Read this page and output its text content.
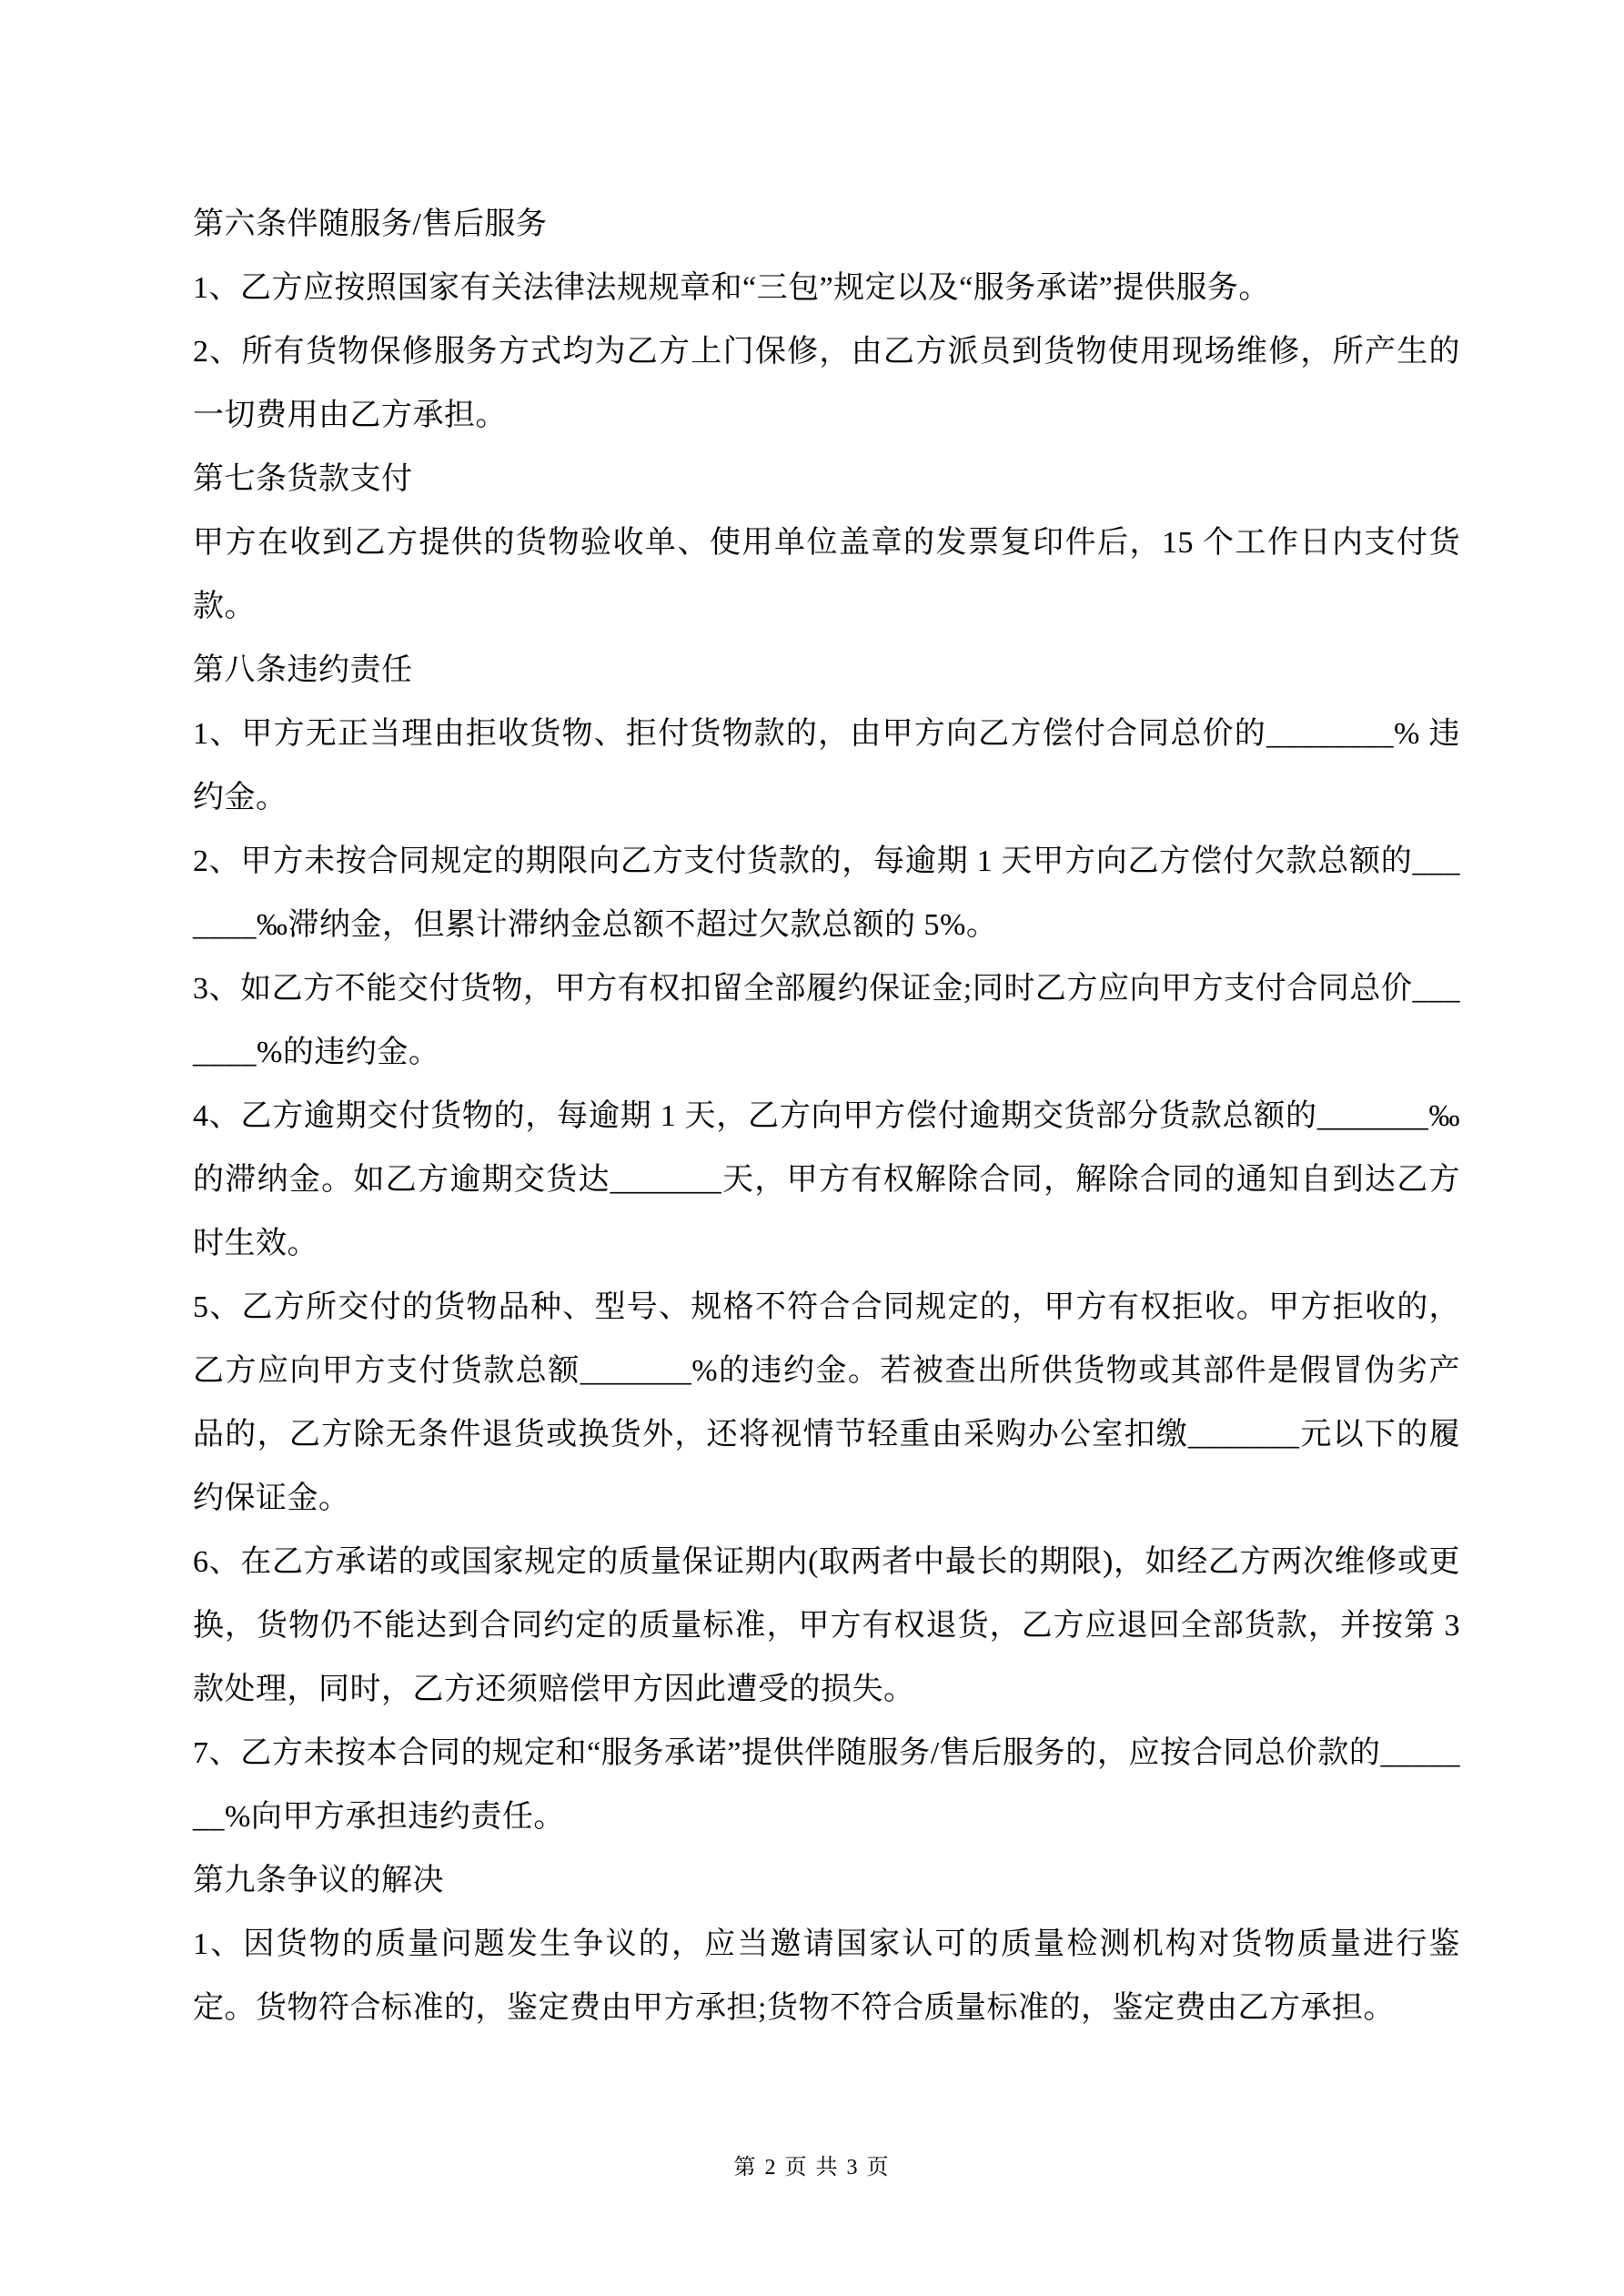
第六条伴随服务/售后服务
1、乙方应按照国家有关法律法规规章和“三包”规定以及“服务承诺”提供服务。
2、所有货物保修服务方式均为乙方上门保修，由乙方派员到货物使用现场维修，所产生的一切费用由乙方承担。
第七条货款支付
甲方在收到乙方提供的货物验收单、使用单位盖章的发票复印件后，15 个工作日内支付货款。
第八条违约责任
1、甲方无正当理由拒收货物、拒付货物款的，由甲方向乙方偿付合同总价的________% 违约金。
2、甲方未按合同规定的期限向乙方支付货款的，每逾期 1 天甲方向乙方偿付欠款总额的_______‰滞纳金，但累计滞纳金总额不超过欠款总额的 5%。
3、如乙方不能交付货物，甲方有权扣留全部履约保证金;同时乙方应向甲方支付合同总价_______%的违约金。
4、乙方逾期交付货物的，每逾期 1 天，乙方向甲方偿付逾期交货部分货款总额的_______‰的滞纳金。如乙方逾期交货达_______天，甲方有权解除合同，解除合同的通知自到达乙方时生效。
5、乙方所交付的货物品种、型号、规格不符合合同规定的，甲方有权拒收。甲方拒收的，乙方应向甲方支付货款总额_______%的违约金。若被查出所供货物或其部件是假冒伪劣产品的，乙方除无条件退货或换货外，还将视情节轻重由采购办公室扣缴_______元以下的履约保证金。
6、在乙方承诺的或国家规定的质量保证期内(取两者中最长的期限)，如经乙方两次维修或更换，货物仍不能达到合同约定的质量标准，甲方有权退货，乙方应退回全部货款，并按第 3 款处理，同时，乙方还须赔偿甲方因此遭受的损失。
7、乙方未按本合同的规定和“服务承诺”提供伴随服务/售后服务的，应按合同总价款的_______%向甲方承担违约责任。
第九条争议的解决
1、因货物的质量问题发生争议的，应当邀请国家认可的质量检测机构对货物质量进行鉴定。货物符合标准的，鉴定费由甲方承担;货物不符合质量标准的，鉴定费由乙方承担。
第 2 页 共 3 页
